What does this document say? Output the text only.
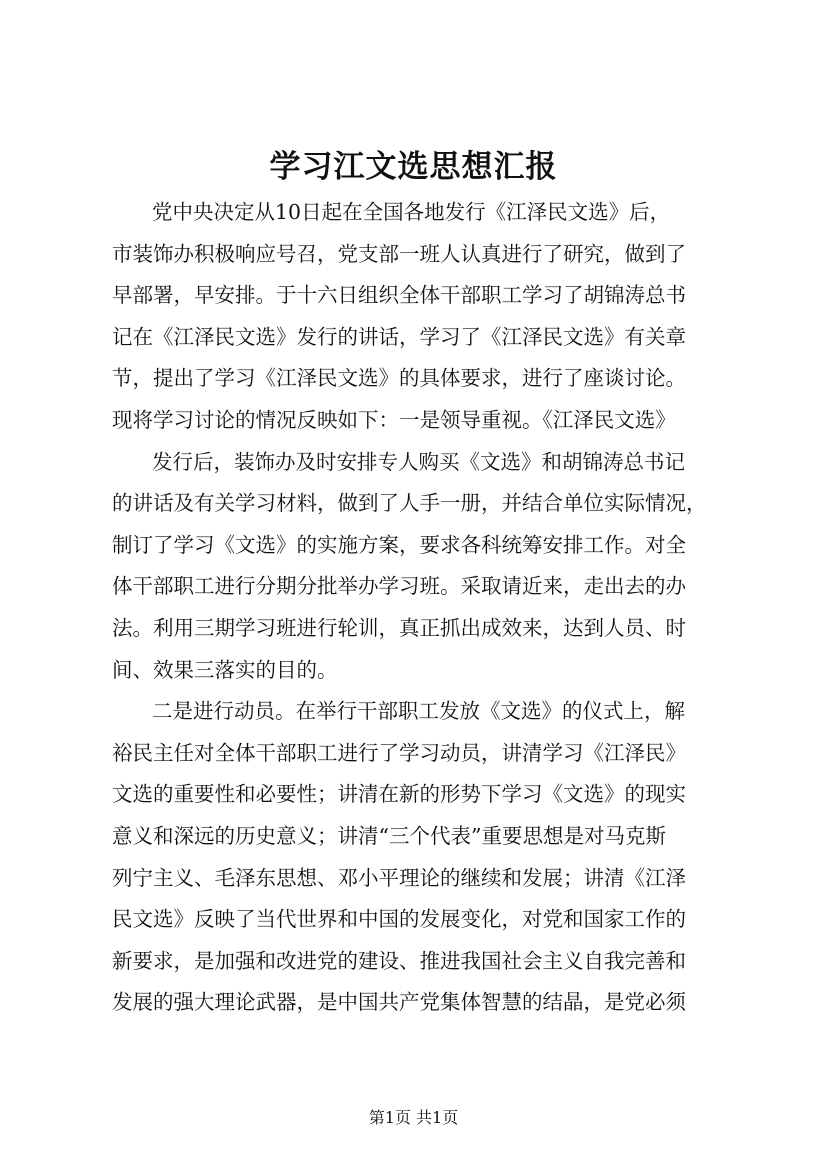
学习江文选思想汇报
党中央决定从10日起在全国各地发行《江泽民文选》后，
市装饰办积极响应号召，党支部一班人认真进行了研究，做到了
早部署，早安排。于十六日组织全体干部职工学习了胡锦涛总书
记在《江泽民文选》发行的讲话，学习了《江泽民文选》有关章
节，提出了学习《江泽民文选》的具体要求，进行了座谈讨论。
现将学习讨论的情况反映如下：一是领导重视。《江泽民文选》
发行后，装饰办及时安排专人购买《文选》和胡锦涛总书记
的讲话及有关学习材料，做到了人手一册，并结合单位实际情况，
制订了学习《文选》的实施方案，要求各科统筹安排工作。对全
体干部职工进行分期分批举办学习班。采取请近来，走出去的办
法。利用三期学习班进行轮训，真正抓出成效来，达到人员、时
间、效果三落实的目的。
二是进行动员。在举行干部职工发放《文选》的仪式上，解
裕民主任对全体干部职工进行了学习动员，讲清学习《江泽民》
文选的重要性和必要性；讲清在新的形势下学习《文选》的现实
意义和深远的历史意义；讲清“三个代表”重要思想是对马克斯
列宁主义、毛泽东思想、邓小平理论的继续和发展；讲清《江泽
民文选》反映了当代世界和中国的发展变化，对党和国家工作的
新要求，是加强和改进党的建设、推进我国社会主义自我完善和
发展的强大理论武器，是中国共产党集体智慧的结晶，是党必须
第1页 共1页
